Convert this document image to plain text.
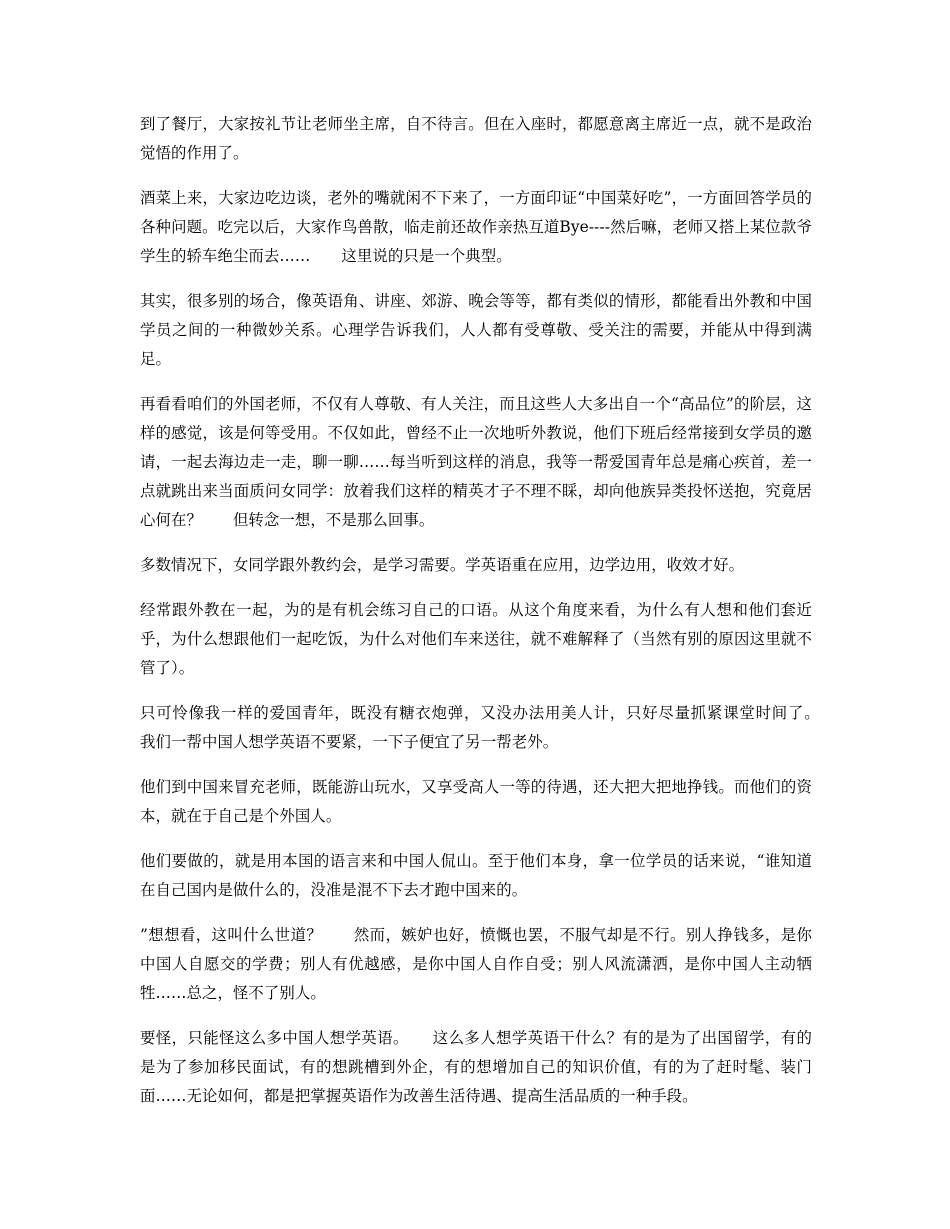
到了餐厅，大家按礼节让老师坐主席，自不待言。但在入座时，都愿意离主席近一点，就不是政治觉悟的作用了。

酒菜上来，大家边吃边谈，老外的嘴就闲不下来了，一方面印证“中国菜好吃”，一方面回答学员的各种问题。吃完以后，大家作鸟兽散，临走前还故作亲热互道Bye----然后嘛，老师又搭上某位款爷学生的轿车绝尘而去……　　这里说的只是一个典型。

其实，很多别的场合，像英语角、讲座、郊游、晚会等等，都有类似的情形，都能看出外教和中国学员之间的一种微妙关系。心理学告诉我们，人人都有受尊敬、受关注的需要，并能从中得到满足。

再看看咱们的外国老师，不仅有人尊敬、有人关注，而且这些人大多出自一个“高品位”的阶层，这样的感觉，该是何等受用。不仅如此，曾经不止一次地听外教说，他们下班后经常接到女学员的邀请，一起去海边走一走，聊一聊……每当听到这样的消息，我等一帮爱国青年总是痛心疾首，差一点就跳出来当面质问女同学：放着我们这样的精英才子不理不睬，却向他族异类投怀送抱，究竟居心何在？　　但转念一想，不是那么回事。

多数情况下，女同学跟外教约会，是学习需要。学英语重在应用，边学边用，收效才好。

经常跟外教在一起，为的是有机会练习自己的口语。从这个角度来看，为什么有人想和他们套近乎，为什么想跟他们一起吃饭，为什么对他们车来送往，就不难解释了（当然有别的原因这里就不管了）。

只可怜像我一样的爱国青年，既没有糖衣炮弹，又没办法用美人计，只好尽量抓紧课堂时间了。　　我们一帮中国人想学英语不要紧，一下子便宜了另一帮老外。

他们到中国来冒充老师，既能游山玩水，又享受高人一等的待遇，还大把大把地挣钱。而他们的资本，就在于自己是个外国人。

他们要做的，就是用本国的语言来和中国人侃山。至于他们本身，拿一位学员的话来说，“谁知道在自己国内是做什么的，没准是混不下去才跑中国来的。

”想想看，这叫什么世道？　　然而，嫉妒也好，愤慨也罢，不服气却是不行。别人挣钱多，是你中国人自愿交的学费；别人有优越感，是你中国人自作自受；别人风流潇洒，是你中国人主动牺牲……总之，怪不了别人。

要怪，只能怪这么多中国人想学英语。　　这么多人想学英语干什么？有的是为了出国留学，有的是为了参加移民面试，有的想跳槽到外企，有的想增加自己的知识价值，有的为了赶时髦、装门面……无论如何，都是把掌握英语作为改善生活待遇、提高生活品质的一种手段。
